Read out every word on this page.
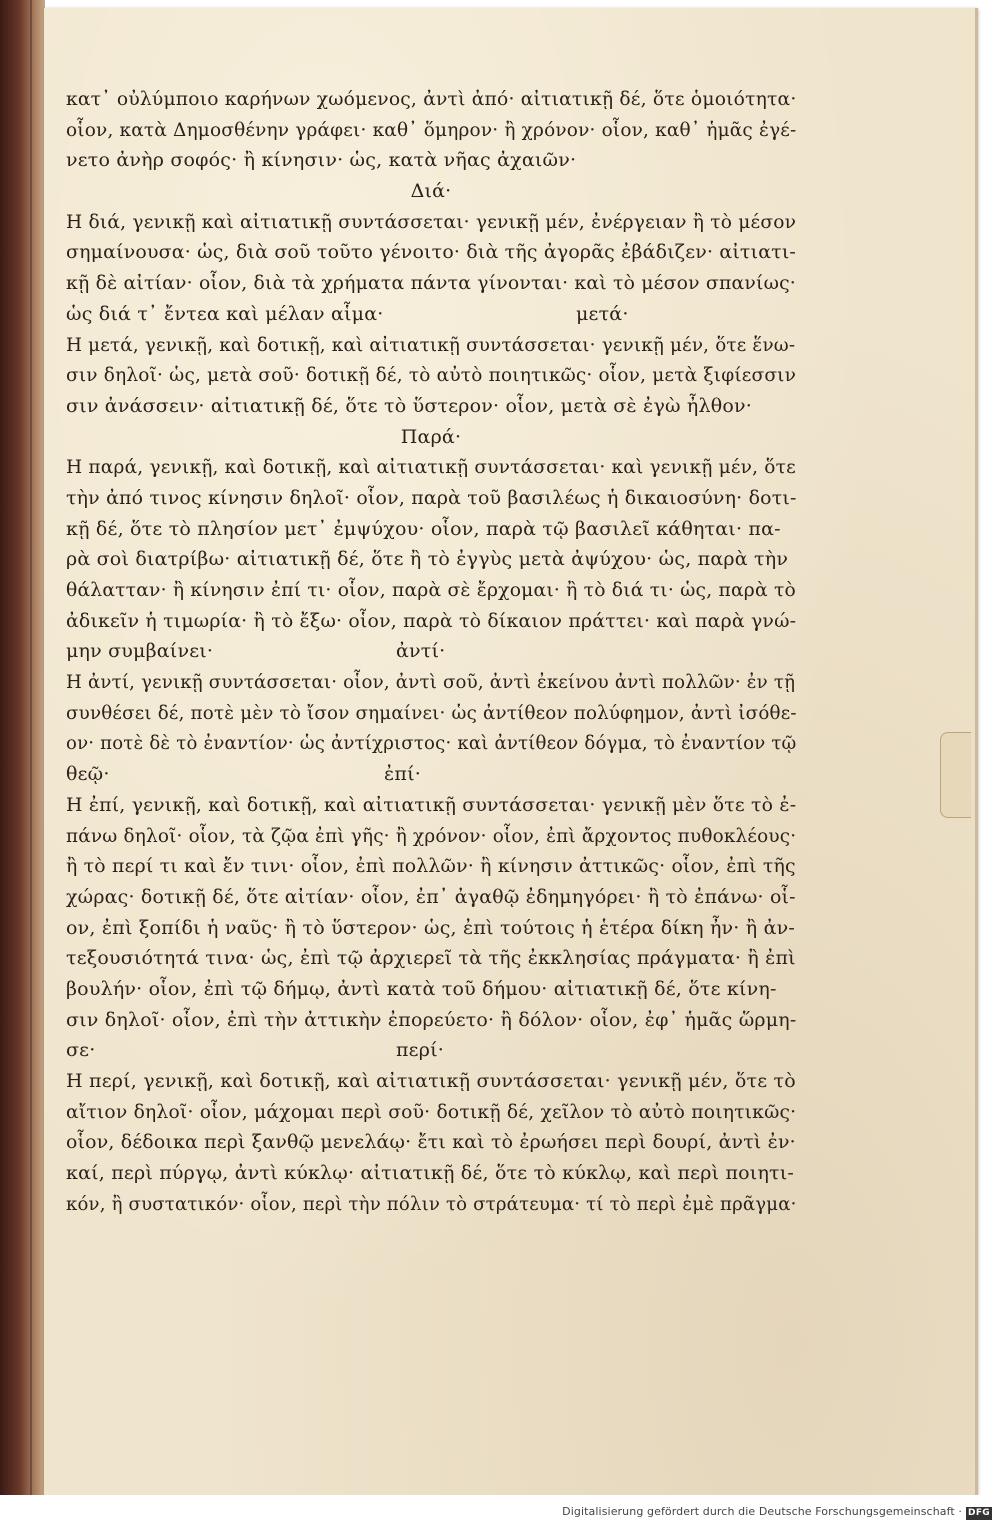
κατ᾽ οὐλύμποιο καρήνων χωόμενος, ἀντὶ ἀπό· αἰτιατικῇ δέ, ὅτε ὁμοιότητα·
οἷον, κατὰ Δημοσθένην γράφει· καθ᾽ ὅμηρον· ἢ χρόνον· οἷον, καθ᾽ ἡμᾶς ἐγέ-
νετο ἀνὴρ σοφός· ἢ κίνησιν· ὡς, κατὰ νῆας ἀχαιῶν·
Διά·
Η διά, γενικῇ καὶ αἰτιατικῇ συντάσσεται· γενικῇ μέν, ἐνέργειαν ἢ τὸ μέσον
σημαίνουσα· ὡς, διὰ σοῦ τοῦτο γένοιτο· διὰ τῆς ἀγορᾶς ἐβάδιζεν· αἰτιατι-
κῇ δὲ αἰτίαν· οἷον, διὰ τὰ χρήματα πάντα γίνονται· καὶ τὸ μέσον σπανίως·
ὡς διά τ᾽ ἔντεα καὶ μέλαν αἷμα·	μετά·
Η μετά, γενικῇ, καὶ δοτικῇ, καὶ αἰτιατικῇ συντάσσεται· γενικῇ μέν, ὅτε ἕνω-
σιν δηλοῖ· ὡς, μετὰ σοῦ· δοτικῇ δέ, τὸ αὐτὸ ποιητικῶς· οἷον, μετὰ ξιφίεσσιν
σιν ἀνάσσειν· αἰτιατικῇ δέ, ὅτε τὸ ὕστερον· οἷον, μετὰ σὲ ἐγὼ ἦλθον·
Παρά·
Η παρά, γενικῇ, καὶ δοτικῇ, καὶ αἰτιατικῇ συντάσσεται· καὶ γενικῇ μέν, ὅτε
τὴν ἀπό τινος κίνησιν δηλοῖ· οἷον, παρὰ τοῦ βασιλέως ἡ δικαιοσύνη· δοτι-
κῇ δέ, ὅτε τὸ πλησίον μετ᾽ ἐμψύχου· οἷον, παρὰ τῷ βασιλεῖ κάθηται· πα-
ρὰ σοὶ διατρίβω· αἰτιατικῇ δέ, ὅτε ἢ τὸ ἐγγὺς μετὰ ἀψύχου· ὡς, παρὰ τὴν
θάλατταν· ἢ κίνησιν ἐπί τι· οἷον, παρὰ σὲ ἔρχομαι· ἢ τὸ διά τι· ὡς, παρὰ τὸ
ἀδικεῖν ἡ τιμωρία· ἢ τὸ ἔξω· οἷον, παρὰ τὸ δίκαιον πράττει· καὶ παρὰ γνώ-
μην συμβαίνει·	ἀντί·
Η ἀντί, γενικῇ συντάσσεται· οἷον, ἀντὶ σοῦ, ἀντὶ ἐκείνου ἀντὶ πολλῶν· ἐν τῇ
συνθέσει δέ, ποτὲ μὲν τὸ ἴσον σημαίνει· ὡς ἀντίθεον πολύφημον, ἀντὶ ἰσόθε-
ον· ποτὲ δὲ τὸ ἐναντίον· ὡς ἀντίχριστος· καὶ ἀντίθεον δόγμα, τὸ ἐναντίον τῷ
θεῷ·	ἐπί·
Η ἐπί, γενικῇ, καὶ δοτικῇ, καὶ αἰτιατικῇ συντάσσεται· γενικῇ μὲν ὅτε τὸ ἐ-
πάνω δηλοῖ· οἷον, τὰ ζῷα ἐπὶ γῆς· ἢ χρόνον· οἷον, ἐπὶ ἄρχοντος πυθοκλέους·
ἢ τὸ περί τι καὶ ἔν τινι· οἷον, ἐπὶ πολλῶν· ἢ κίνησιν ἀττικῶς· οἷον, ἐπὶ τῆς
χώρας· δοτικῇ δέ, ὅτε αἰτίαν· οἷον, ἐπ᾽ ἀγαθῷ ἐδημηγόρει· ἢ τὸ ἐπάνω· οἷ-
ον, ἐπὶ ξοπίδι ἡ ναῦς· ἢ τὸ ὕστερον· ὡς, ἐπὶ τούτοις ἡ ἑτέρα δίκη ἦν· ἢ ἀν-
τεξουσιότητά τινα· ὡς, ἐπὶ τῷ ἀρχιερεῖ τὰ τῆς ἐκκλησίας πράγματα· ἢ ἐπὶ
βουλήν· οἷον, ἐπὶ τῷ δήμῳ, ἀντὶ κατὰ τοῦ δήμου· αἰτιατικῇ δέ, ὅτε κίνη-
σιν δηλοῖ· οἷον, ἐπὶ τὴν ἀττικὴν ἐπορεύετο· ἢ δόλον· οἷον, ἐφ᾽ ἡμᾶς ὥρμη-
σε·	περί·
Η περί, γενικῇ, καὶ δοτικῇ, καὶ αἰτιατικῇ συντάσσεται· γενικῇ μέν, ὅτε τὸ
αἴτιον δηλοῖ· οἷον, μάχομαι περὶ σοῦ· δοτικῇ δέ, χεῖλον τὸ αὐτὸ ποιητικῶς·
οἷον, δέδοικα περὶ ξανθῷ μενελάῳ· ἔτι καὶ τὸ ἐρωήσει περὶ δουρί, ἀντὶ ἐν·
καί, περὶ πύργῳ, ἀντὶ κύκλῳ· αἰτιατικῇ δέ, ὅτε τὸ κύκλῳ, καὶ περὶ ποιητι-
κόν, ἢ συστατικόν· οἷον, περὶ τὴν πόλιν τὸ στράτευμα· τί τὸ περὶ ἐμὲ πρᾶγμα·
Digitalisierung gefördert durch die Deutsche Forschungsgemeinschaft · DFG
